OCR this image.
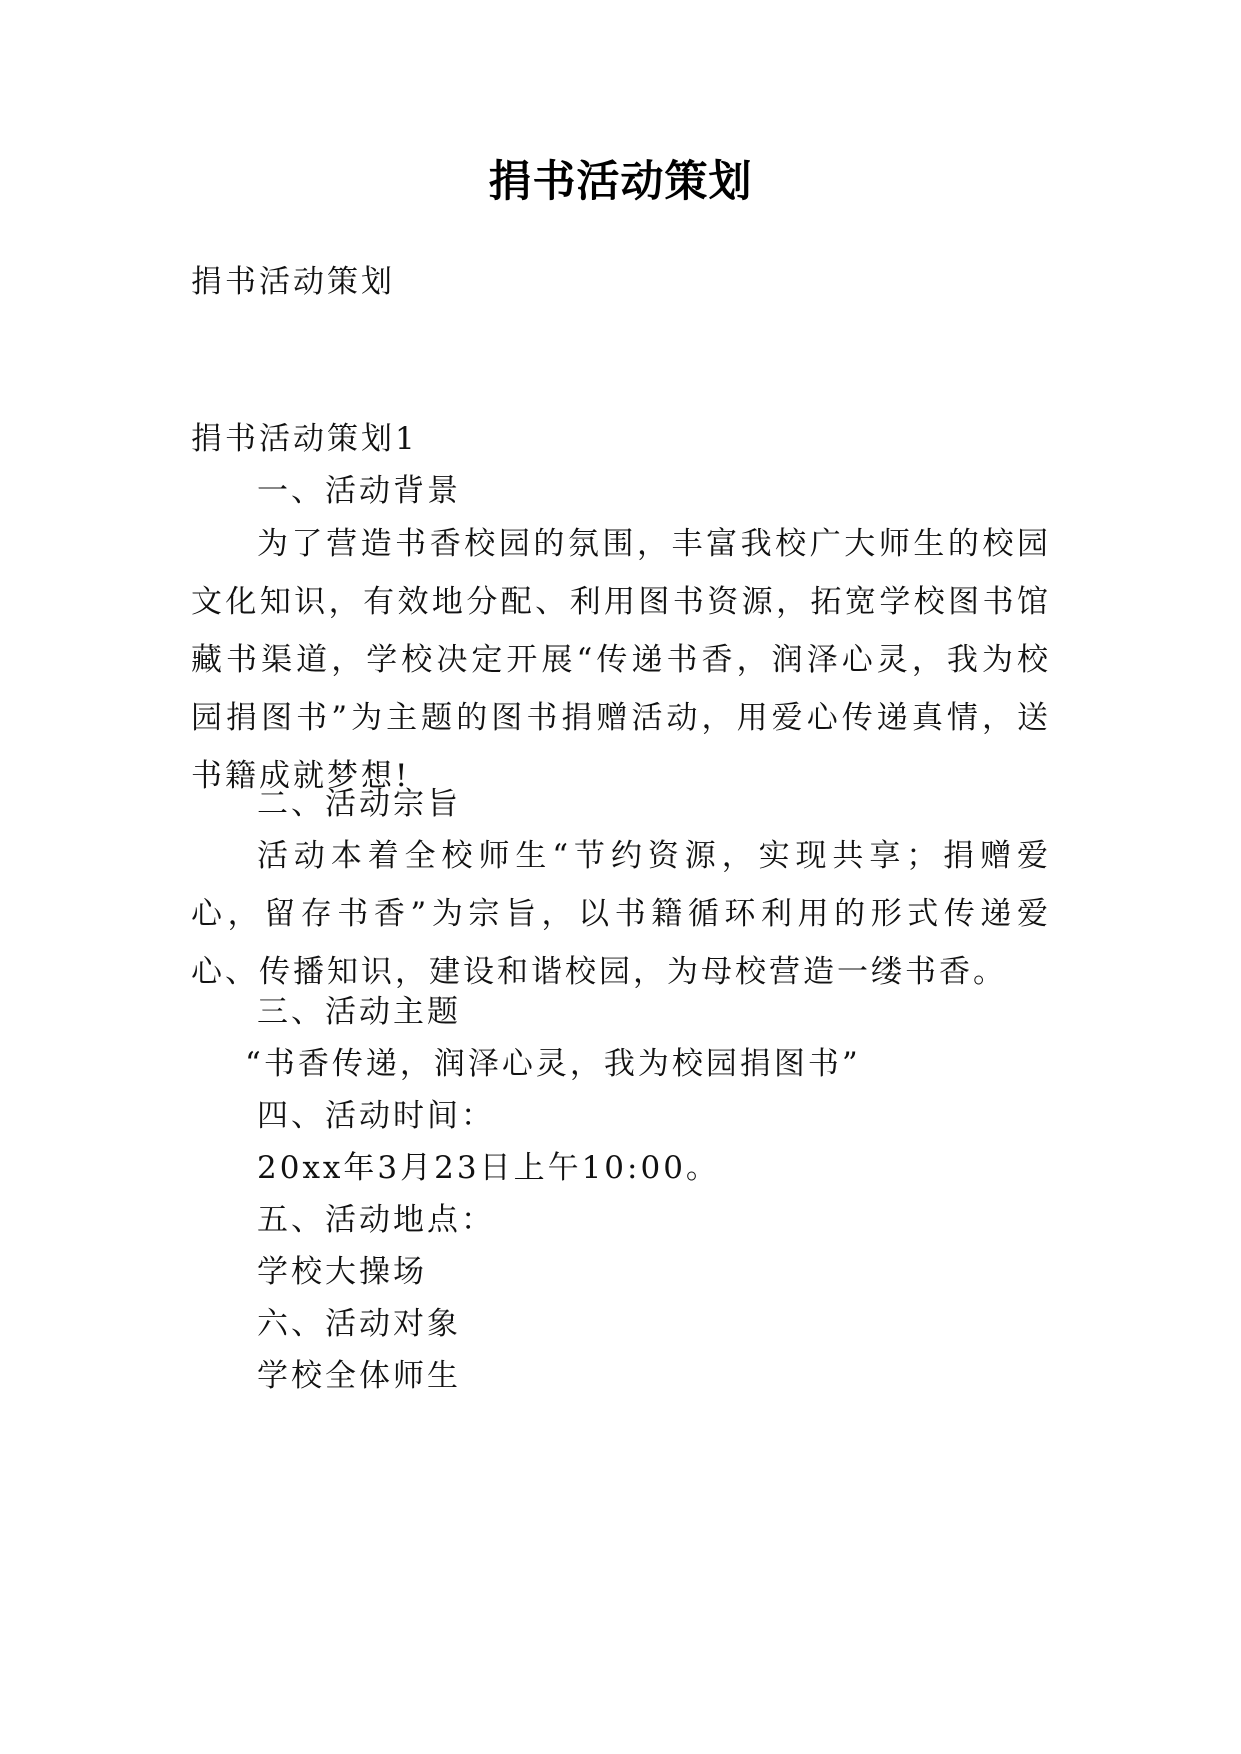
捐书活动策划

捐书活动策划

捐书活动策划1

一、活动背景

为了营造书香校园的氛围，丰富我校广大师生的校园文化知识，有效地分配、利用图书资源，拓宽学校图书馆藏书渠道，学校决定开展“传递书香，润泽心灵，我为校园捐图书”为主题的图书捐赠活动，用爱心传递真情，送书籍成就梦想!

二、活动宗旨

活动本着全校师生“节约资源，实现共享；捐赠爱心，留存书香”为宗旨，以书籍循环利用的形式传递爱心、传播知识，建设和谐校园，为母校营造一缕书香。

三、活动主题

“书香传递，润泽心灵，我为校园捐图书”

四、活动时间：

20xx年3月23日上午10:00。

五、活动地点：

学校大操场

六、活动对象

学校全体师生
